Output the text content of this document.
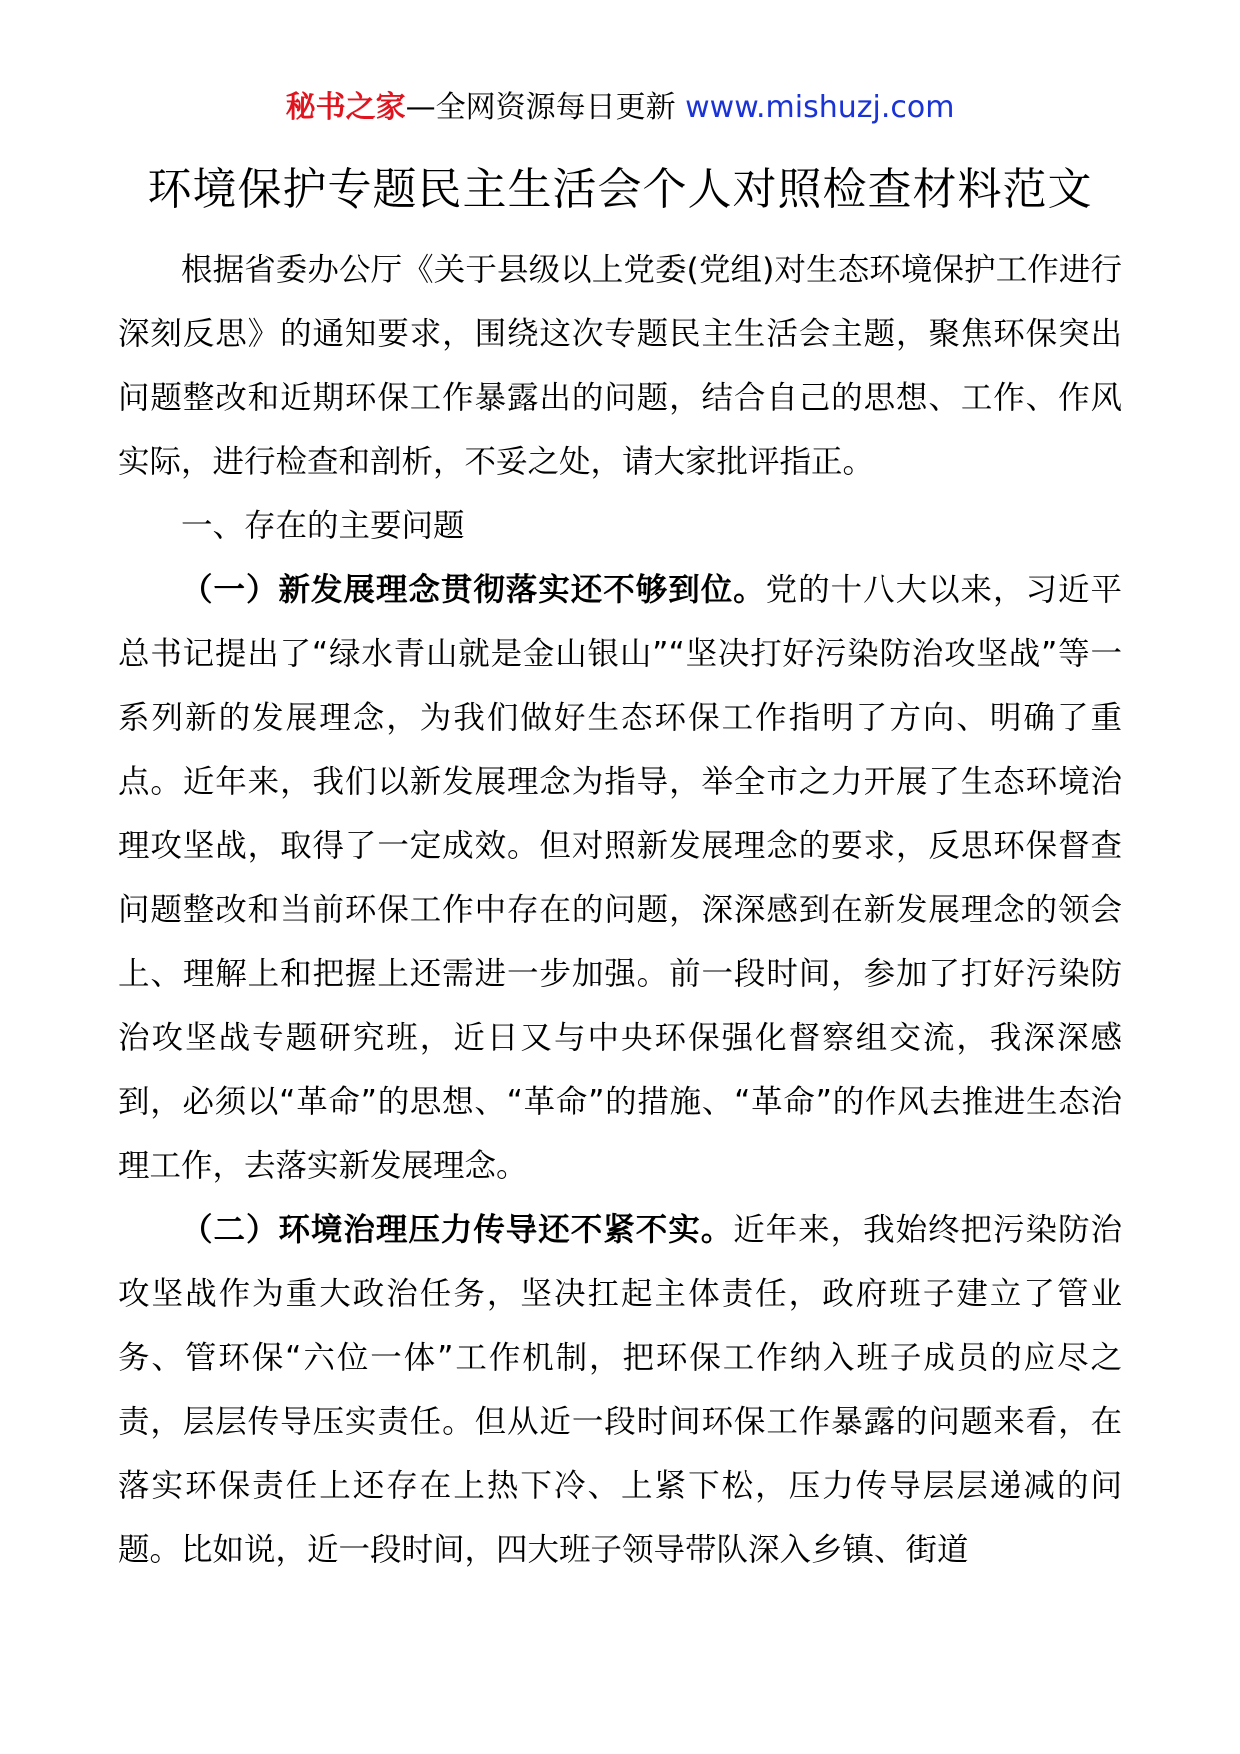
秘书之家—全网资源每日更新 www.mishuzj.com
环境保护专题民主生活会个人对照检查材料范文

根据省委办公厅《关于县级以上党委(党组)对生态环境保护工作进行深刻反思》的通知要求，围绕这次专题民主生活会主题，聚焦环保突出问题整改和近期环保工作暴露出的问题，结合自己的思想、工作、作风实际，进行检查和剖析，不妥之处，请大家批评指正。

一、存在的主要问题

（一）新发展理念贯彻落实还不够到位。党的十八大以来，习近平总书记提出了“绿水青山就是金山银山”“坚决打好污染防治攻坚战”等一系列新的发展理念，为我们做好生态环保工作指明了方向、明确了重点。近年来，我们以新发展理念为指导，举全市之力开展了生态环境治理攻坚战，取得了一定成效。但对照新发展理念的要求，反思环保督查问题整改和当前环保工作中存在的问题，深深感到在新发展理念的领会上、理解上和把握上还需进一步加强。前一段时间，参加了打好污染防治攻坚战专题研究班，近日又与中央环保强化督察组交流，我深深感到，必须以“革命”的思想、“革命”的措施、“革命”的作风去推进生态治理工作，去落实新发展理念。

（二）环境治理压力传导还不紧不实。近年来，我始终把污染防治攻坚战作为重大政治任务，坚决扛起主体责任，政府班子建立了管业务、管环保“六位一体”工作机制，把环保工作纳入班子成员的应尽之责，层层传导压实责任。但从近一段时间环保工作暴露的问题来看，在落实环保责任上还存在上热下冷、上紧下松，压力传导层层递减的问题。比如说，近一段时间，四大班子领导带队深入乡镇、街道
